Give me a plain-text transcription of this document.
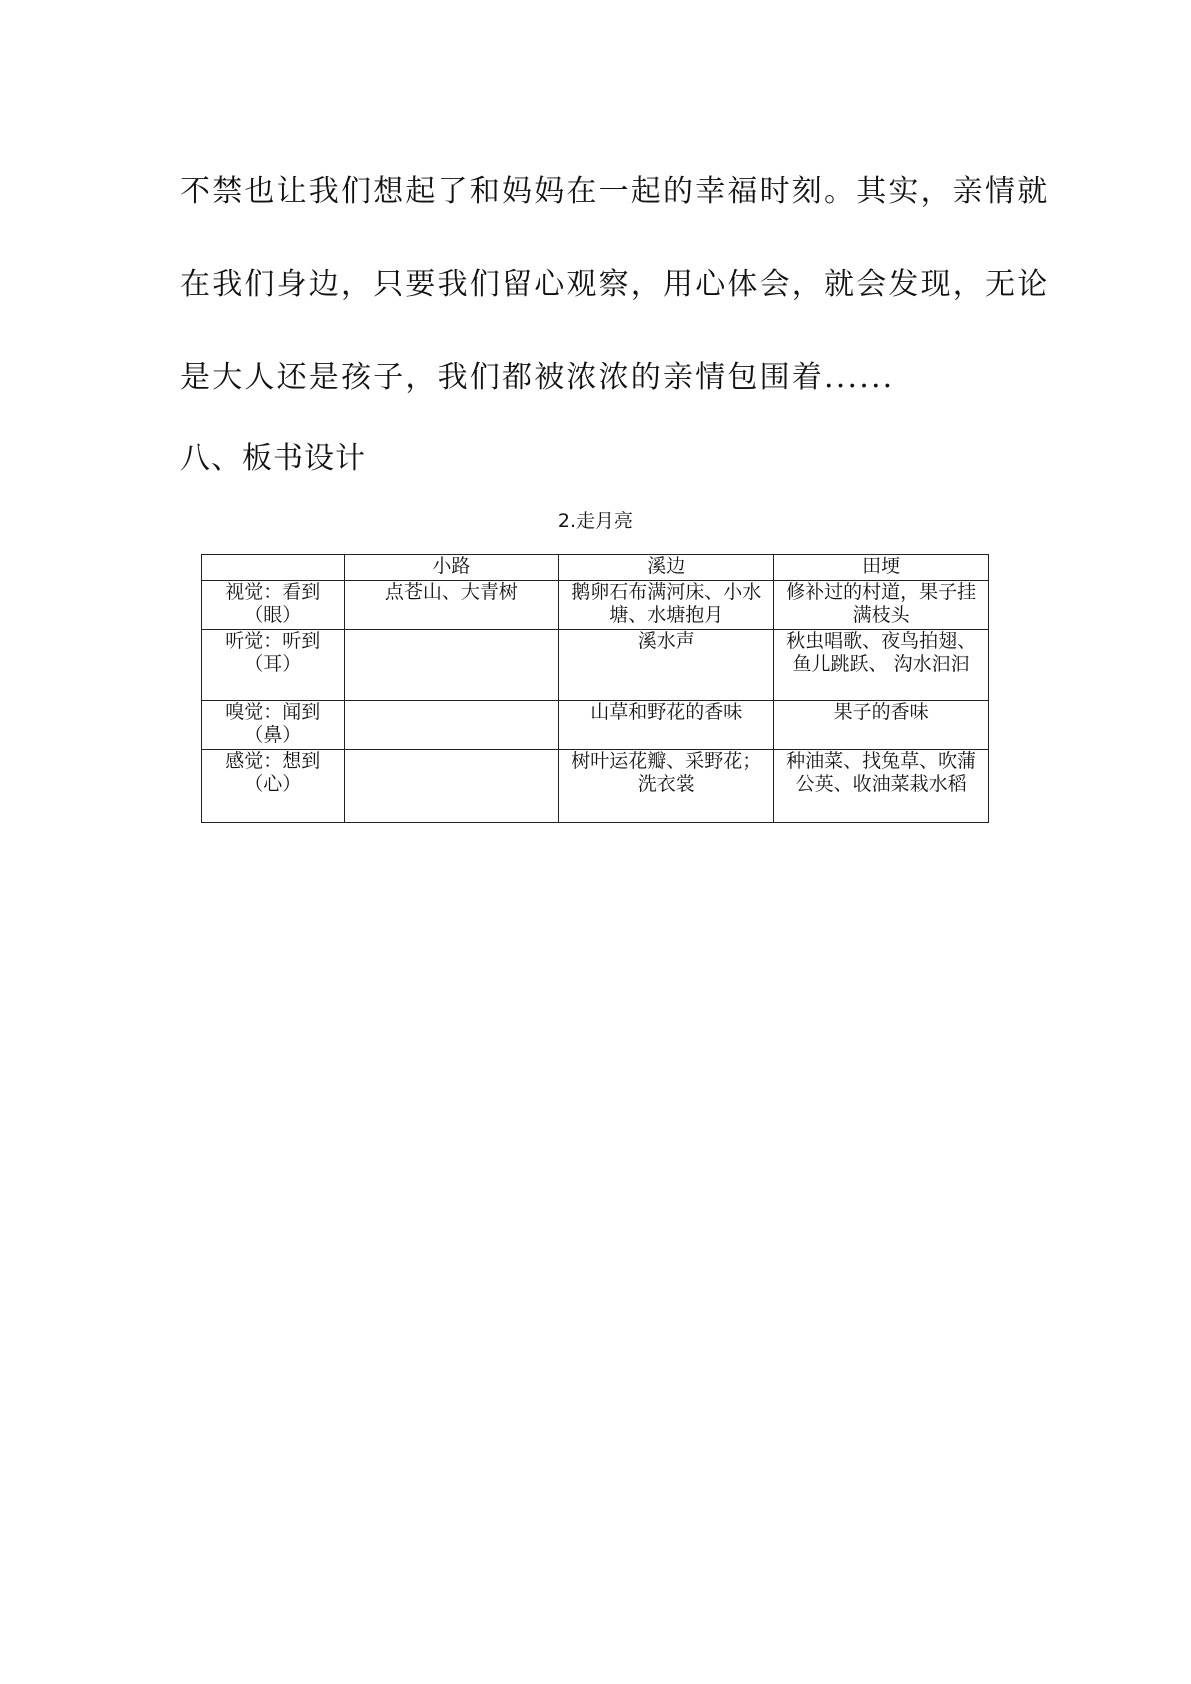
不禁也让我们想起了和妈妈在一起的幸福时刻。其实，亲情就
在我们身边，只要我们留心观察，用心体会，就会发现，无论
是大人还是孩子，我们都被浓浓的亲情包围着......
八、板书设计
2.走月亮
	小路	溪边	田埂
视觉：看到（眼）	点苍山、大青树	鹅卵石布满河床、小水塘、水塘抱月	修补过的村道，果子挂满枝头
听觉：听到（耳）		溪水声	秋虫唱歌、夜鸟拍翅、鱼儿跳跃、 沟水汩汩
嗅觉：闻到（鼻）		山草和野花的香味	果子的香味
感觉：想到（心）		树叶运花瓣、采野花；洗衣裳	种油菜、找兔草、吹蒲公英、收油菜栽水稻
